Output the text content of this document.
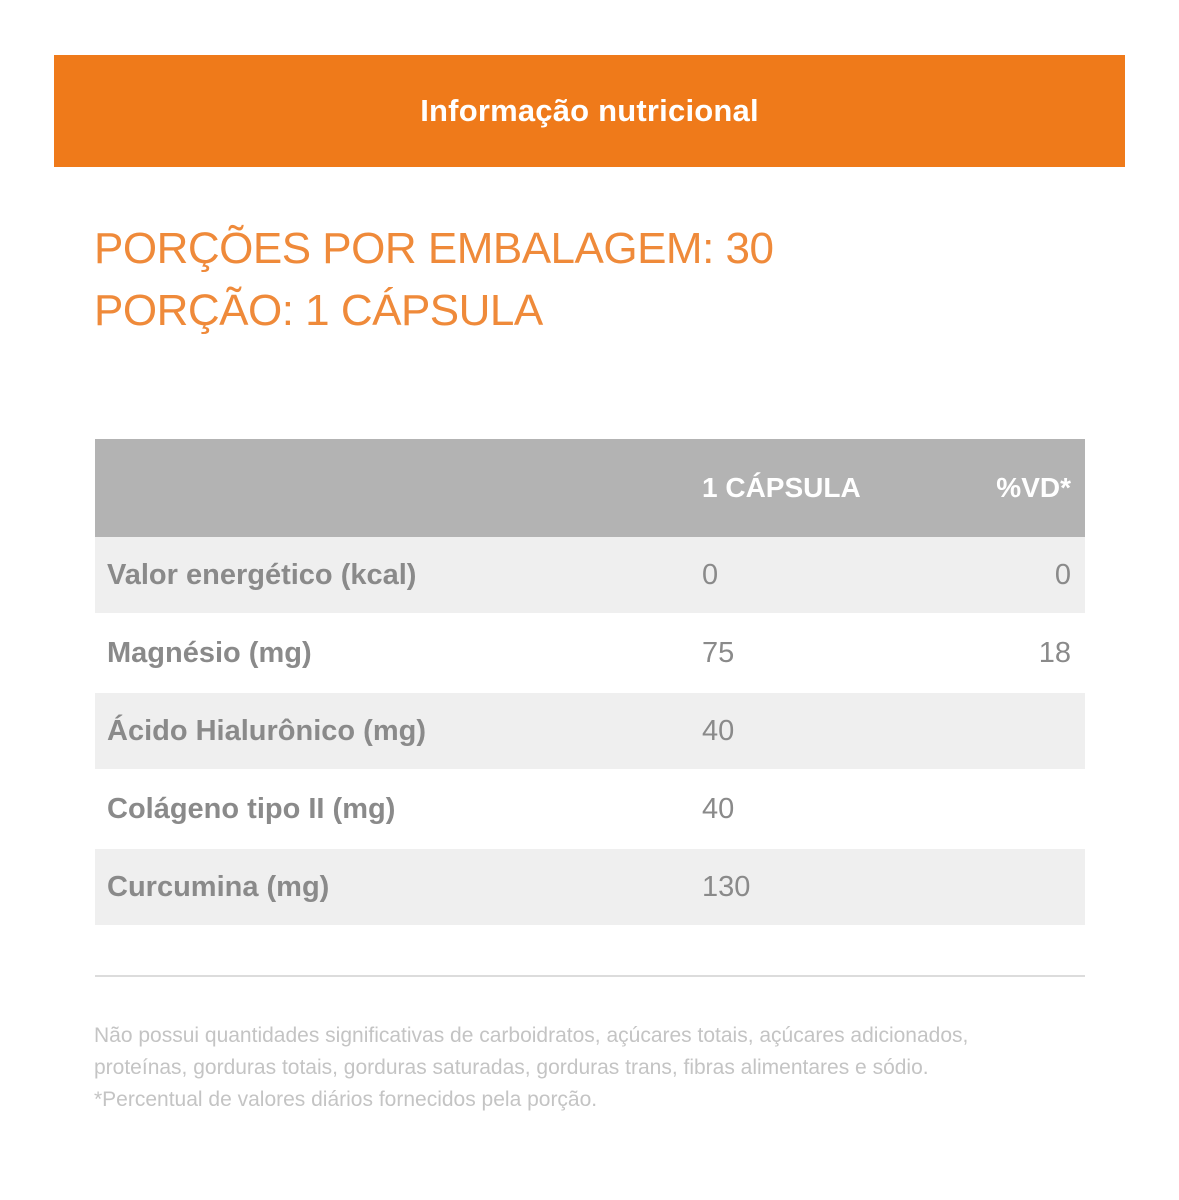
Informação nutricional
PORÇÕES POR EMBALAGEM: 30
PORÇÃO: 1 CÁPSULA
	1 CÁPSULA	%VD*
Valor energético (kcal)	0	0
Magnésio (mg)	75	18
Ácido Hialurônico (mg)	40	
Colágeno tipo II (mg)	40	
Curcumina (mg)	130	

Não possui quantidades significativas de carboidratos, açúcares totais, açúcares adicionados, proteínas, gorduras totais, gorduras saturadas, gorduras trans, fibras alimentares e sódio.

*Percentual de valores diários fornecidos pela porção.
